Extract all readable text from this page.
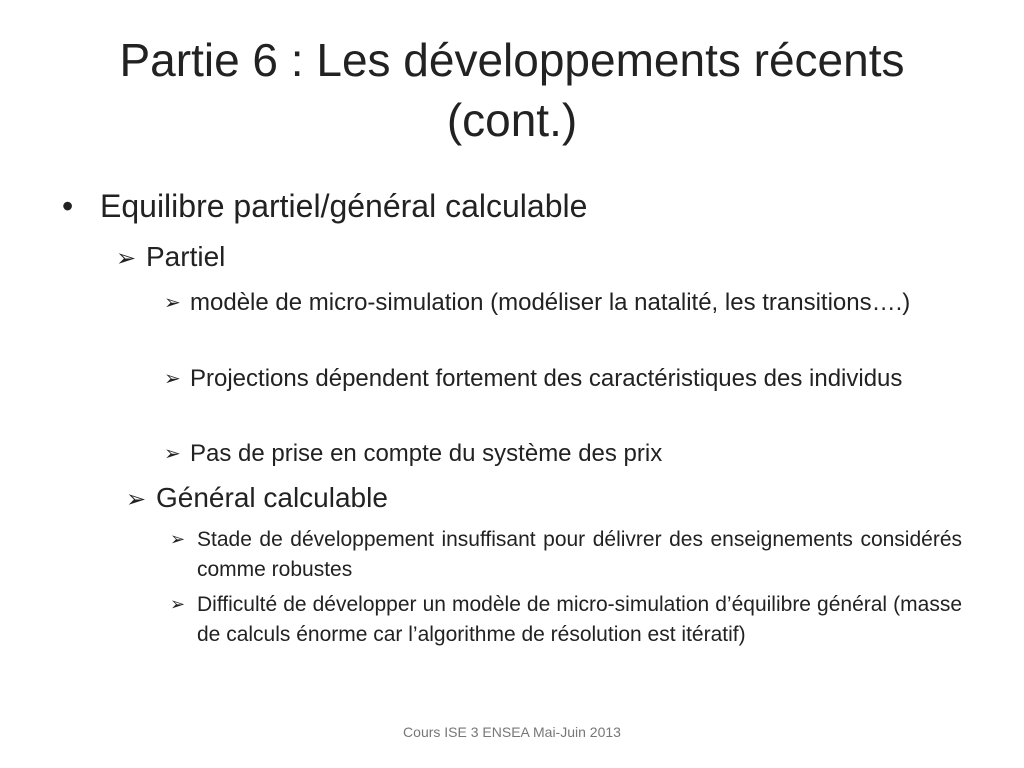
Partie 6 : Les développements récents
(cont.)
• Equilibre partiel/général calculable
➢ Partiel
➢ modèle de micro-simulation (modéliser la natalité, les transitions….)
➢ Projections dépendent fortement des caractéristiques des individus
➢ Pas de prise en compte du système des prix
➢ Général calculable
➢ Stade de développement insuffisant pour délivrer des enseignements considérés comme robustes
➢ Difficulté de développer un modèle de micro-simulation d’équilibre général (masse de calculs énorme car l’algorithme de résolution est itératif)
Cours ISE 3 ENSEA Mai-Juin 2013
